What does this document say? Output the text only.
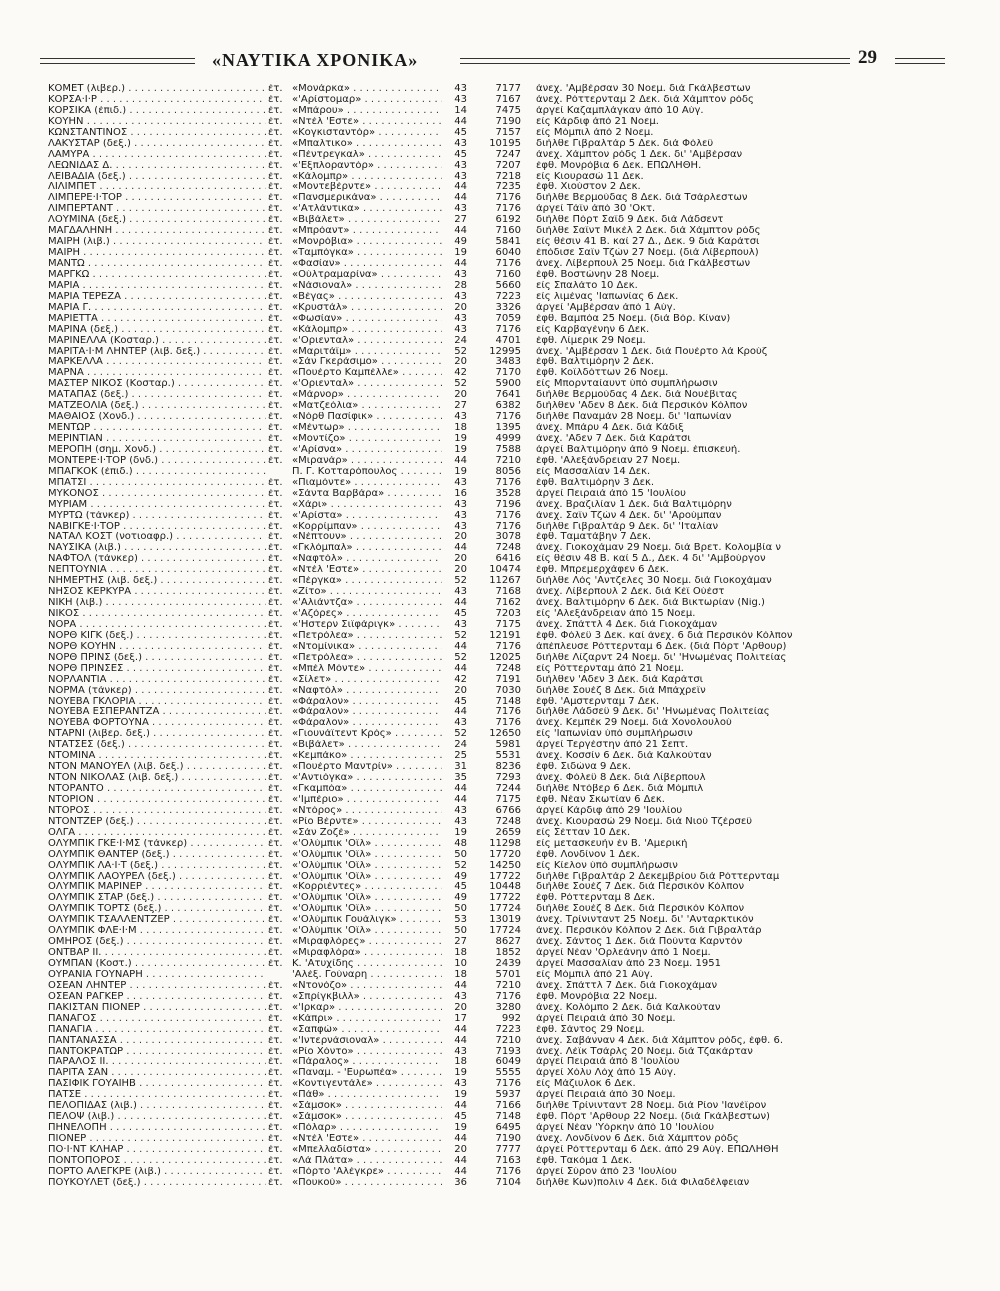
«ΝΑΥΤΙΚΑ ΧΡΟΝΙΚΑ»	29
ΚΟΜΕΤ (λιβερ.) . . .	έτ. «Μονάρκα» . . .	43	7177 άνεχ. 'Αμβέρσαν 30 Νοεμ. διά Γκάλβεστων
ΚΟΡΣΑ·Ι·Ρ . . .	έτ. «'Αρίστομαρ» . . .	43	7167 άνεχ. Ρόττερνταμ 2 Δεκ. διά Χάμπτον ρόδς
ΚΟΡΣΙΚΑ (έπιδ.) . . .	έτ. «Μπάρου» . . .	14	7475 άργεί Καζαμπλάγκαν άπό 10 Αύγ.
ΚΟΥΗΝ . . .	έτ. «Ντέλ 'Εστε» . . .	44	7190 είς Κάρδιφ άπό 21 Νοεμ.
ΚΩΝΣΤΑΝΤΙΝΟΣ . . .	έτ. «Κογκισταντόρ» . . .	45	7157 είς Μόμπιλ άπό 2 Νοεμ.
ΛΑΚΥΣΤΑΡ (δεξ.) . . .	έτ. «Μπαλτικο» . . .	43	10195 διήλθε Γιβραλτάρ 5 Δεκ. διά Φόλεϋ
ΛΑΜΥΡΑ . . .	έτ. «Πέντρεγκαλ» . . .	45	7247 άνεχ. Χάμπτον ρόδς 1 Δεκ. δι' 'Αμβέρσαν
ΛΕΩΝΙΔΑΣ Δ. . . .	έτ. «'Εξπλοραντόρ» . . .	43	7207 έφθ. Μονρόβια 6 Δεκ. ΕΠΩΛΗΘΗ.
ΛΕΙΒΑΔΙΑ (δεξ.) . . .	έτ. «Κάλομπρ» . . .	43	7218 είς Κιουρασώ 11 Δεκ.
ΛΙΛΙΜΠΕΤ . . .	έτ. «Μοντεβέρντε» . . .	44	7235 έφθ. Χιούστον 2 Δεκ.
ΛΙΜΠΕΡΕ·Ι·ΤΟΡ . . .	έτ. «Πανσμερικάνα» . . .	44	7176 διήλθε Βερμούδας 8 Δεκ. διά Τσάρλεστων
ΛΙΜΠΕΡΤΑΝΤ . . .	έτ. «'Ατλάντικα» . . .	43	7176 άργεί Τάϊν άπό 30 'Οκτ.
ΛΟΥΜΙΝΑ (δεξ.) . . .	έτ. «Βιβάλετ» . . .	27	6192 διήλθε Πόρτ Σαΐδ 9 Δεκ. διά Λάδσεντ
ΜΑΓΔΑΛΗΝΗ . . .	έτ. «Μπρόαντ» . . .	44	7160 διήλθε Σαΐντ Μικέλ 2 Δεκ. διά Χάμπτον ρόδς
ΜΑΙΡΗ (λιβ.) . . .	έτ. «Μονρόβια» . . .	49	5841 είς θέσιν 41 Β. καί 27 Δ., Δεκ. 9 διά Καράτσι
ΜΑΙΡΗ . . .	έτ. «Ταμπόγκα» . . .	19	6040 έπόδισε Σαΐν Τζών 27 Νοεμ. (διά Λίβερπουλ)
ΜΑΝΤΩ . . .	έτ. «Φασίαν» . . .	44	7176 άνεχ. Λίβερπουλ 25 Νοεμ. διά Γκάλβεστων
ΜΑΡΓΚΩ . . .	έτ. «Ούλτραμαρίνα» . . .	43	7160 έφθ. Βοστώνην 28 Νοεμ.
ΜΑΡΙΑ . . .	έτ. «Νάσιοναλ» . . .	28	5660 είς Σπαλάτο 10 Δεκ.
ΜΑΡΙΑ ΤΕΡΕΖΑ . . .	έτ. «Βέγας» . . .	43	7223 είς λιμένας 'Ιαπωνίας 6 Δεκ.
ΜΑΡΙΑ Γ. . . .	έτ. «Κρυστάλ» . . .	20	3326 άργεί 'Αμβέρσαν άπό 1 Αύγ.
ΜΑΡΙΕΤΤΑ . . .	έτ. «Φωσίαν» . . .	43	7059 έφθ. Βαμπόα 25 Νοεμ. (διά Βόρ. Κίναν)
ΜΑΡΙΝΑ (δεξ.) . . .	έτ. «Κάλομπρ» . . .	43	7176 είς Καρβαγένην 6 Δεκ.
ΜΑΡΙΝΕΛΛΑ (Κοσταρ.) . . .	έτ. «'Οριενταλ» . . .	24	4701 έφθ. Λίμερικ 29 Νοεμ.
ΜΑΡΙΤΑ·Ι·Μ ΛΗΝΤΕΡ (λιβ. δεξ.) . . .	έτ. «Μαριτάϊμ» . . .	52	12995 άνεχ. 'Αμβέρσαν 1 Δεκ. διά Πουέρτο λά Κρούζ
ΜΑΡΚΕΛΛΑ . . .	έτ. «Σάν Γκεράσιμο» . . .	20	3483 έφθ. Βαλτιμόρην 2 Δεκ.
ΜΑΡΝΑ . . .	έτ. «Πουέρτο Καμπέλλε» . . .	42	7170 έφθ. Κοϊλδόττων 26 Νοεμ.
ΜΑΣΤΕΡ ΝΙΚΟΣ (Κοσταρ.) . . .	έτ. «'Οριενταλ» . . .	52	5900 είς Μπορνταίαυντ ύπό συμπλήρωσιν
ΜΑΤΑΠΑΣ (δεξ.) . . .	έτ. «Μάρνορ» . . .	20	7641 διήλθε Βερμούδας 4 Δεκ. διά Νουέβιτας
ΜΑΤΖΕΟΛΙΑ (δεξ.) . . .	έτ. «Ματζεόλια» . . .	27	6382 διήλθεν 'Αδεν 8 Δεκ. διά Περσικόν Κόλπον
ΜΑΘΑΙΟΣ (Χονδ.) . . .	έτ. «Νόρθ Πασίφικ» . . .	43	7176 διήλθε Παναμάν 28 Νοεμ. δι' 'Ιαπωνίαν
ΜΕΝΤΩΡ . . .	έτ. «Μέντωρ» . . .	18	1395 άνεχ. Μπάρυ 4 Δεκ. διά Κάδιξ
ΜΕΡΙΝΤΙΑΝ . . .	έτ. «Μοντίζο» . . .	19	4999 άνεχ. 'Αδεν 7 Δεκ. διά Καράτσι
ΜΕΡΟΠΗ (σημ. Χονδ.) . . .	έτ. «'Αρίσνα» . . .	19	7588 άργεί Βαλτιμόρην άπό 9 Νοεμ. έπισκευή.
ΜΟΝΤΕΡΕ·Ι·ΤΟΡ (δνδ.) . . .	έτ. «Μιρανάρ» . . .	44	7210 έφθ. 'Αλεξάνδρειαν 27 Νοεμ.
ΜΠΑΓΚΟΚ (έπιδ.) . . .	Π. Γ. Κοτταρόπουλος . . .	19	8056 είς Μασσαλίαν 14 Δεκ.
ΜΠΑΤΣΙ . . .	έτ. «Πιαμόντε» . . .	43	7176 έφθ. Βαλτιμόρην 3 Δεκ.
ΜΥΚΟΝΟΣ . . .	έτ. «Σάντα Βαρβάρα» . . .	16	3528 άργεί Πειραιά άπό 15 'Ιουλίου
ΜΥΡΙΑΜ . . .	έτ. «Χάρι» . . .	43	7196 άνεχ. Βραζιλίαν 1 Δεκ. διά Βαλτιμόρην
ΜΥΡΤΩ (τάνκερ) . . .	έτ. «'Αρίστα» . . .	43	7176 άνεχ. Σαΐν Τζών 4 Δεκ. δι' 'Αρούμπαν
ΝΑΒΙΓΚΕ·Ι·ΤΟΡ . . .	έτ. «Κορρίμπαν» . . .	43	7176 διήλθε Γιβραλτάρ 9 Δεκ. δι' 'Ιταλίαν
ΝΑΤΑΛ ΚΟΣΤ (νοτιοαφρ.) . . .	έτ. «Νέπτουν» . . .	20	3078 έφθ. Ταματάβην 7 Δεκ.
ΝΑΥΣΙΚΑ (λιβ.) . . .	έτ. «Γκλόμπαλ» . . .	44	7248 άνεχ. Γιοκοχάμαν 29 Νοεμ. διά Βρετ. Κολομβία ν
ΝΑΦΤΟΛ (τάνκερ) . . .	έτ. «Ναφτόλ» . . .	20	6416 είς θέσιν 48 Β. καί 5 Δ., Δεκ. 4 δι' 'Αμβούργον
ΝΕΠΤΟΥΝΙΑ . . .	έτ. «Ντέλ 'Εστε» . . .	20	10474 έφθ. Μπρεμερχάφεν 6 Δεκ.
ΝΗΜΕΡΤΗΣ (λιβ. δεξ.) . . .	έτ. «Πέργκα» . . .	52	11267 διήλθε Λός 'Αντζελες 30 Νοεμ. διά Γιοκοχάμαν
ΝΗΣΟΣ ΚΕΡΚΥΡΑ . . .	έτ. «Ζίτο» . . .	43	7168 άνεχ. Λίβερπουλ 2 Δεκ. διά Κέϊ Ούέστ
ΝΙΚΗ (λιβ.) . . .	έτ. «'Αλιάντζα» . . .	44	7162 άνεχ. Βαλτιμόρην 6 Δεκ. διά Βικτωρίαν (Nig.)
ΝΙΚΟΣ . . .	έτ. «'Αζόρες» . . .	45	7203 είς 'Αλεξάνδρειαν άπό 15 Νοεμ.
ΝΟΡΑ . . .	έτ. «'Ηστερν Σιϊφάριγκ» . . .	43	7175 άνεχ. Σπάττλ 4 Δεκ. διά Γιοκοχάμαν
ΝΟΡΘ ΚΙΓΚ (δεξ.) . . .	έτ. «Πετρόλεα» . . .	52	12191 έφθ. Φόλεϋ 3 Δεκ. καί άνεχ. 6 διά Περσικόν Κόλπον
ΝΟΡΘ ΚΟΥΗΝ . . .	έτ. «Ντομίνικα» . . .	44	7176 άπέπλευσε Ρόττερνταμ 6 Δεκ. (διά Πόρτ 'Αρθουρ)
ΝΟΡΘ ΠΡΙΝΣ (δεξ.) . . .	έτ. «Πετρόλεα» . . .	52	12025 διήλθε Λίζαρντ 24 Νοεμ. δι' 'Ηνωμένας Πολιτείας
ΝΟΡΘ ΠΡΙΝΣΕΣ . . .	έτ. «Μπέλ Μόντε» . . .	44	7248 είς Ρόττερνταμ άπό 21 Νοεμ.
ΝΟΡΛΑΝΤΙΑ . . .	έτ. «Σίλετ» . . .	42	7191 διήλθεν 'Αδεν 3 Δεκ. διά Καράτσι
ΝΟΡΜΑ (τάνκερ) . . .	έτ. «Ναφτόλ» . . .	20	7030 διήλθε Σουέζ 8 Δεκ. διά Μπάχρεϊν
ΝΟΥΕΒΑ ΓΚΛΟΡΙΑ . . .	έτ. «Φάραλον» . . .	45	7148 έφθ. 'Αμστερνταμ 7 Δεκ.
ΝΟΥΕΒΑ ΕΣΠΕΡΑΝΤΖΑ . . .	έτ. «Φάραλον» . . .	44	7176 διήλθε Λάδσεϋ 9 Δεκ. δι' 'Ηνωμένας Πολιτείας
ΝΟΥΕΒΑ ΦΟΡΤΟΥΝΑ . . .	έτ. «Φάραλον» . . .	43	7176 άνεχ. Κεμπέκ 29 Νοεμ. διά Χονολουλού
ΝΤΑΡΝΙ (λιβερ. δεξ.) . . .	έτ. «Γιουνάϊτεντ Κρός» . . .	52	12650 είς 'Ιαπωνίαν ύπό συμπλήρωσιν
ΝΤΑΤΣΕΣ (δεξ.) . . .	έτ. «Βιβάλετ» . . .	24	5981 άργεί Τεργέστην άπό 21 Σεπτ.
ΝΤΟΜΙΝΑ . . .	έτ. «Κεμπάκο» . . .	25	5531 άνεχ. Κοσσίν 6 Δεκ. διά Καλκούταν
ΝΤΟΝ ΜΑΝΟΥΕΛ (λιβ. δεξ.) . . .	έτ. «Πουέρτο Μαντρίν» . . .	31	8236 έφθ. Σιδώνα 9 Δεκ.
ΝΤΟΝ ΝΙΚΟΛΑΣ (λιβ. δεξ.) . . .	έτ. «'Αντιόγκα» . . .	35	7293 άνεχ. Φόλεϋ 8 Δεκ. διά Λίβερπουλ
ΝΤΟΡΑΝΤΟ . . .	έτ. «Γκαμπόα» . . .	44	7244 διήλθε Ντόβερ 6 Δεκ. διά Μόμπιλ
ΝΤΟΡΙΟΝ . . .	έτ. «'Ιμπέριο» . . .	44	7175 έφθ. Νέαν Σκωτίαν 6 Δεκ.
ΝΤΟΡΟΣ . . .	έτ. «Ντόρος» . . .	43	6766 άργεί Κάρδιφ άπό 29 'Ιουλίου
ΝΤΟΝΤΖΕΡ (δεξ.) . . .	έτ. «Ρίο Βέρντε» . . .	43	7248 άνεχ. Κιουρασώ 29 Νοεμ. διά Νιού Τζέρσεϋ
ΟΛΓΑ . . .	έτ. «Σάν Ζοζέ» . . .	19	2659 είς Σέτταν 10 Δεκ.
ΟΛΥΜΠΙΚ ΓΚΕ·Ι·ΜΣ (τάνκερ) . . .	έτ. «'Ολύμπικ 'Οϊλ» . . .	48	11298 είς μετασκευήν έν Β. 'Αμερική
ΟΛΥΜΠΙΚ ΘΑΝΤΕΡ (δεξ.) . . .	έτ. «'Ολύμπικ 'Οϊλ» . . .	50	17720 έφθ. Λονδίνον 1 Δεκ.
ΟΛΥΜΠΙΚ ΛΑ·Ι·Τ (δεξ.) . . .	έτ. «'Ολύμπικ 'Οϊλ» . . .	52	14250 είς Κίελον ύπό συμπλήρωσιν
ΟΛΥΜΠΙΚ ΛΑΟΥΡΕΛ (δεξ.) . . .	έτ. «'Ολύμπικ 'Οϊλ» . . .	49	17722 διήλθε Γιβραλτάρ 2 Δεκεμβρίου διά Ρόττερνταμ
ΟΛΥΜΠΙΚ ΜΑΡΙΝΕΡ . . .	έτ. «Κορριέντες» . . .	45	10448 διήλθε Σουέζ 7 Δεκ. διά Περσικόν Κόλπον
ΟΛΥΜΠΙΚ ΣΤΑΡ (δεξ.) . . .	έτ. «'Ολύμπικ 'Οϊλ» . . .	49	17722 έφθ. Ρόττερνταμ 8 Δεκ.
ΟΛΥΜΠΙΚ ΤΟΡΤΣ (δεξ.) . . .	έτ. «'Ολύμπικ 'Οϊλ» . . .	50	17724 διήλθε Σουέζ 8 Δεκ. διά Περσικόν Κόλπον
ΟΛΥΜΠΙΚ ΤΣΑΛΛΕΝΤΖΕΡ . . .	έτ. «'Ολύμπικ Γουάλιγκ» . . .	53	13019 άνεχ. Τρίνινταντ 25 Νοεμ. δι' 'Ανταρκτικόν
ΟΛΥΜΠΙΚ ΦΛΕ·Ι·Μ . . .	έτ. «'Ολύμπικ 'Οϊλ» . . .	50	17724 άνεχ. Περσικόν Κόλπον 2 Δεκ. διά Γιβραλτάρ
ΟΜΗΡΟΣ (δεξ.) . . .	έτ. «Μιραφλόρες» . . .	27	8627 άνεχ. Σάντος 1 Δεκ. διά Πούντα Καρντόν
ΟΝΤΒΑΡ ΙΙ. . . .	έτ. «Μιραφλόρα» . . .	18	1852 άργεί Νέαν 'Ορλεάνην άπό 1 Νοεμ.
ΟΥΜΠΑΝ (Κοστ.) . . .	έτ. Κ. 'Ατυχίδης . . .	10	2439 άργεί Μασσαλίαν άπό 23 Νοεμ. 1951
ΟΥΡΑΝΙΑ ΓΟΥΝΑΡΗ . . .	'Αλέξ. Γούναρη . . .	18	5701 είς Μόμπιλ άπό 21 Αύγ.
ΟΣΕΑΝ ΛΗΝΤΕΡ . . .	έτ. «Ντονόζο» . . .	44	7210 άνεχ. Σπάττλ 7 Δεκ. διά Γιοκοχάμαν
ΟΣΕΑΝ ΡΑΓΚΕΡ . . .	έτ. «Σπρίγκβιλλ» . . .	43	7176 έφθ. Μονρόβια 22 Νοεμ.
ΠΑΚΙΣΤΑΝ ΠΙΟΝΕΡ . . .	έτ. «'Ιρκαρ» . . .	20	3280 άνεχ. Κολόμπο 2 Δεκ. διά Καλκούταν
ΠΑΝΑΓΟΣ . . .	έτ. «Κάπρι» . . .	17	992 άργεί Πειραιά άπό 30 Νοεμ.
ΠΑΝΑΓΙΑ . . .	έτ. «Σαπφώ» . . .	44	7223 έφθ. Σάντος 29 Νοεμ.
ΠΑΝΤΑΝΑΣΣΑ . . .	έτ. «'Ιντερνάσιοναλ» . . .	44	7210 άνεχ. Σαβάνναν 4 Δεκ. διά Χάμπτον ρόδς, έφθ. 6.
ΠΑΝΤΟΚΡΑΤΩΡ . . .	έτ. «Ρίο Χόντο» . . .	43	7193 άνεχ. Λέϊκ Τσάρλς 20 Νοεμ. διά Τζακάρταν
ΠΑΡΑΛΟΣ ΙΙ. . . .	έτ. «Πάραλος» . . .	18	6049 άργεί Πειραιά άπό 8 'Ιουλίου
ΠΑΡΙΤΑ ΣΑΝ . . .	έτ. «Παναμ. - 'Ευρωπέα» . . .	19	5555 άργεί Χόλυ Λόχ άπό 15 Αύγ.
ΠΑΣΙΦΙΚ ΓΟΥΑΙΗΒ . . .	έτ. «Κοντιγεντάλε» . . .	43	7176 είς Μάζιυλοκ 6 Δεκ.
ΠΑΤΣΕ . . .	έτ. «Πάθ» . . .	19	5937 άργεί Πειραιά άπό 30 Νοεμ.
ΠΕΛΟΠΙΔΑΣ (λιβ.) . . .	έτ. «Σάμσοκ» . . .	44	7166 διήλθε Τρίνινταντ 28 Νοεμ. διά Ρίον 'Ιανέϊρον
ΠΕΛΟΨ (λιβ.) . . .	έτ. «Σάμσοκ» . . .	45	7148 έφθ. Πόρτ 'Αρθουρ 22 Νοεμ. (διά Γκάλβεστων)
ΠΗΝΕΛΟΠΗ . . .	έτ. «Πόλαρ» . . .	19	6495 άργεί Νέαν 'Υόρκην άπό 10 'Ιουλίου
ΠΙΟΝΕΡ . . .	έτ. «Ντέλ 'Εστε» . . .	44	7190 άνεχ. Λονδίνον 6 Δεκ. διά Χάμπτον ρόδς
ΠΟ·Ι·ΝΤ ΚΛΗΑΡ . . .	έτ. «Μπελλαδίστα» . . .	20	7777 άργεί Ρόττερνταμ 6 Δεκ. άπό 29 Αύγ. ΕΠΩΛΗΘΗ
ΠΟΝΤΟΠΟΡΟΣ . . .	έτ. «Λά Πλάτα» . . .	44	7163 έφθ. Τακόμα 1 Δεκ.
ΠΟΡΤΟ ΑΛΕΓΚΡΕ (λιβ.) . . .	έτ. «Πόρτο 'Αλέγκρε» . . .	44	7176 άργεί Σύρον άπό 23 'Ιουλίου
ΠΟΥΚΟΥΛΕΤ (δεξ.) . . .	έτ. «Πουκού» . . .	36	7104 διήλθε Κων)πολιν 4 Δεκ. διά Φιλαδέλφειαν
